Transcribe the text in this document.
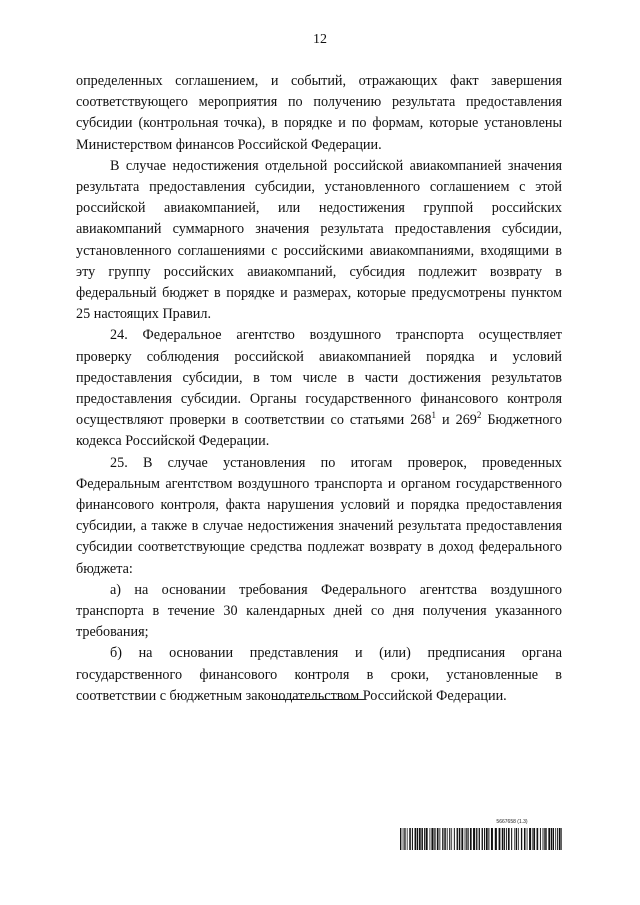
12

определенных соглашением, и событий, отражающих факт завершения соответствующего мероприятия по получению результата предоставления субсидии (контрольная точка), в порядке и по формам, которые установлены Министерством финансов Российской Федерации.

В случае недостижения отдельной российской авиакомпанией значения результата предоставления субсидии, установленного соглашением с этой российской авиакомпанией, или недостижения группой российских авиакомпаний суммарного значения результата предоставления субсидии, установленного соглашениями с российскими авиакомпаниями, входящими в эту группу российских авиакомпаний, субсидия подлежит возврату в федеральный бюджет в порядке и размерах, которые предусмотрены пунктом 25 настоящих Правил.

24. Федеральное агентство воздушного транспорта осуществляет проверку соблюдения российской авиакомпанией порядка и условий предоставления субсидии, в том числе в части достижения результатов предоставления субсидии. Органы государственного финансового контроля осуществляют проверки в соответствии со статьями $268^1$ и $269^2$ Бюджетного кодекса Российской Федерации.

25. В случае установления по итогам проверок, проведенных Федеральным агентством воздушного транспорта и органом государственного финансового контроля, факта нарушения условий и порядка предоставления субсидии, а также в случае недостижения значений результата предоставления субсидии соответствующие средства подлежат возврату в доход федерального бюджета:

а) на основании требования Федерального агентства воздушного транспорта в течение 30 календарных дней со дня получения указанного требования;

б) на основании представления и (или) предписания органа государственного финансового контроля в сроки, установленные в соответствии с бюджетным законодательством Российской Федерации.

5667658 (1.3)
